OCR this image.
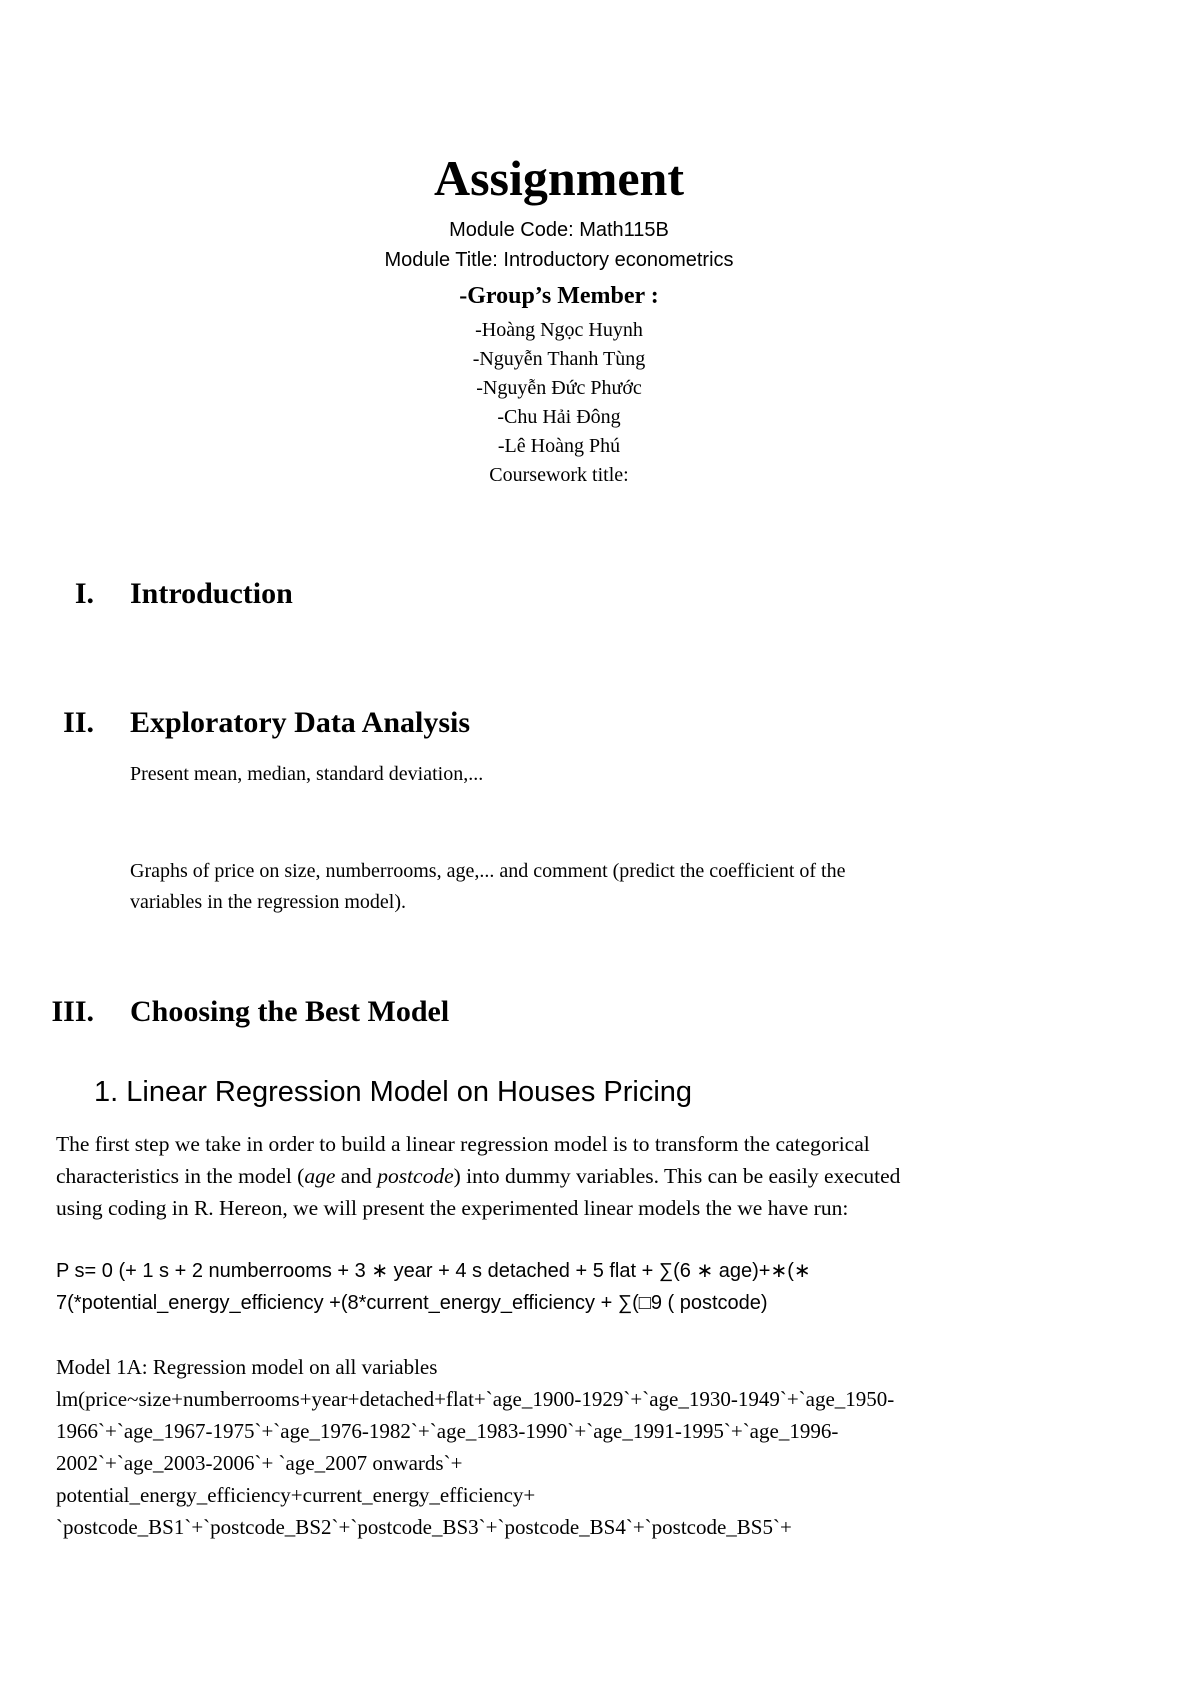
Assignment
Module Code: Math115B
Module Title: Introductory econometrics
-Group’s Member :
-Hoàng Ngọc Huynh
-Nguyễn Thanh Tùng
-Nguyễn Đức Phước
-Chu Hải Đông
-Lê Hoàng Phú
Coursework title:
I. Introduction
II. Exploratory Data Analysis
Present mean, median, standard deviation,...
Graphs of price on size, numberrooms, age,... and comment (predict the coefficient of the
variables in the regression model).
III. Choosing the Best Model
1. Linear Regression Model on Houses Pricing
The first step we take in order to build a linear regression model is to transform the categorical
characteristics in the model (age and postcode) into dummy variables. This can be easily executed
using coding in R. Hereon, we will present the experimented linear models the we have run:
P s= 0 (+ 1 s + 2 numberrooms + 3 ∗ year + 4 s detached + 5 flat + ∑(6 ∗ age)+∗(∗
7(*potential_energy_efficiency +(8*current_energy_efficiency + ∑(□9 ( postcode)
Model 1A: Regression model on all variables
lm(price~size+numberrooms+year+detached+flat+`age_1900-1929`+`age_1930-1949`+`age_1950-
1966`+`age_1967-1975`+`age_1976-1982`+`age_1983-1990`+`age_1991-1995`+`age_1996-
2002`+`age_2003-2006`+ `age_2007 onwards`+
potential_energy_efficiency+current_energy_efficiency+
`postcode_BS1`+`postcode_BS2`+`postcode_BS3`+`postcode_BS4`+`postcode_BS5`+
